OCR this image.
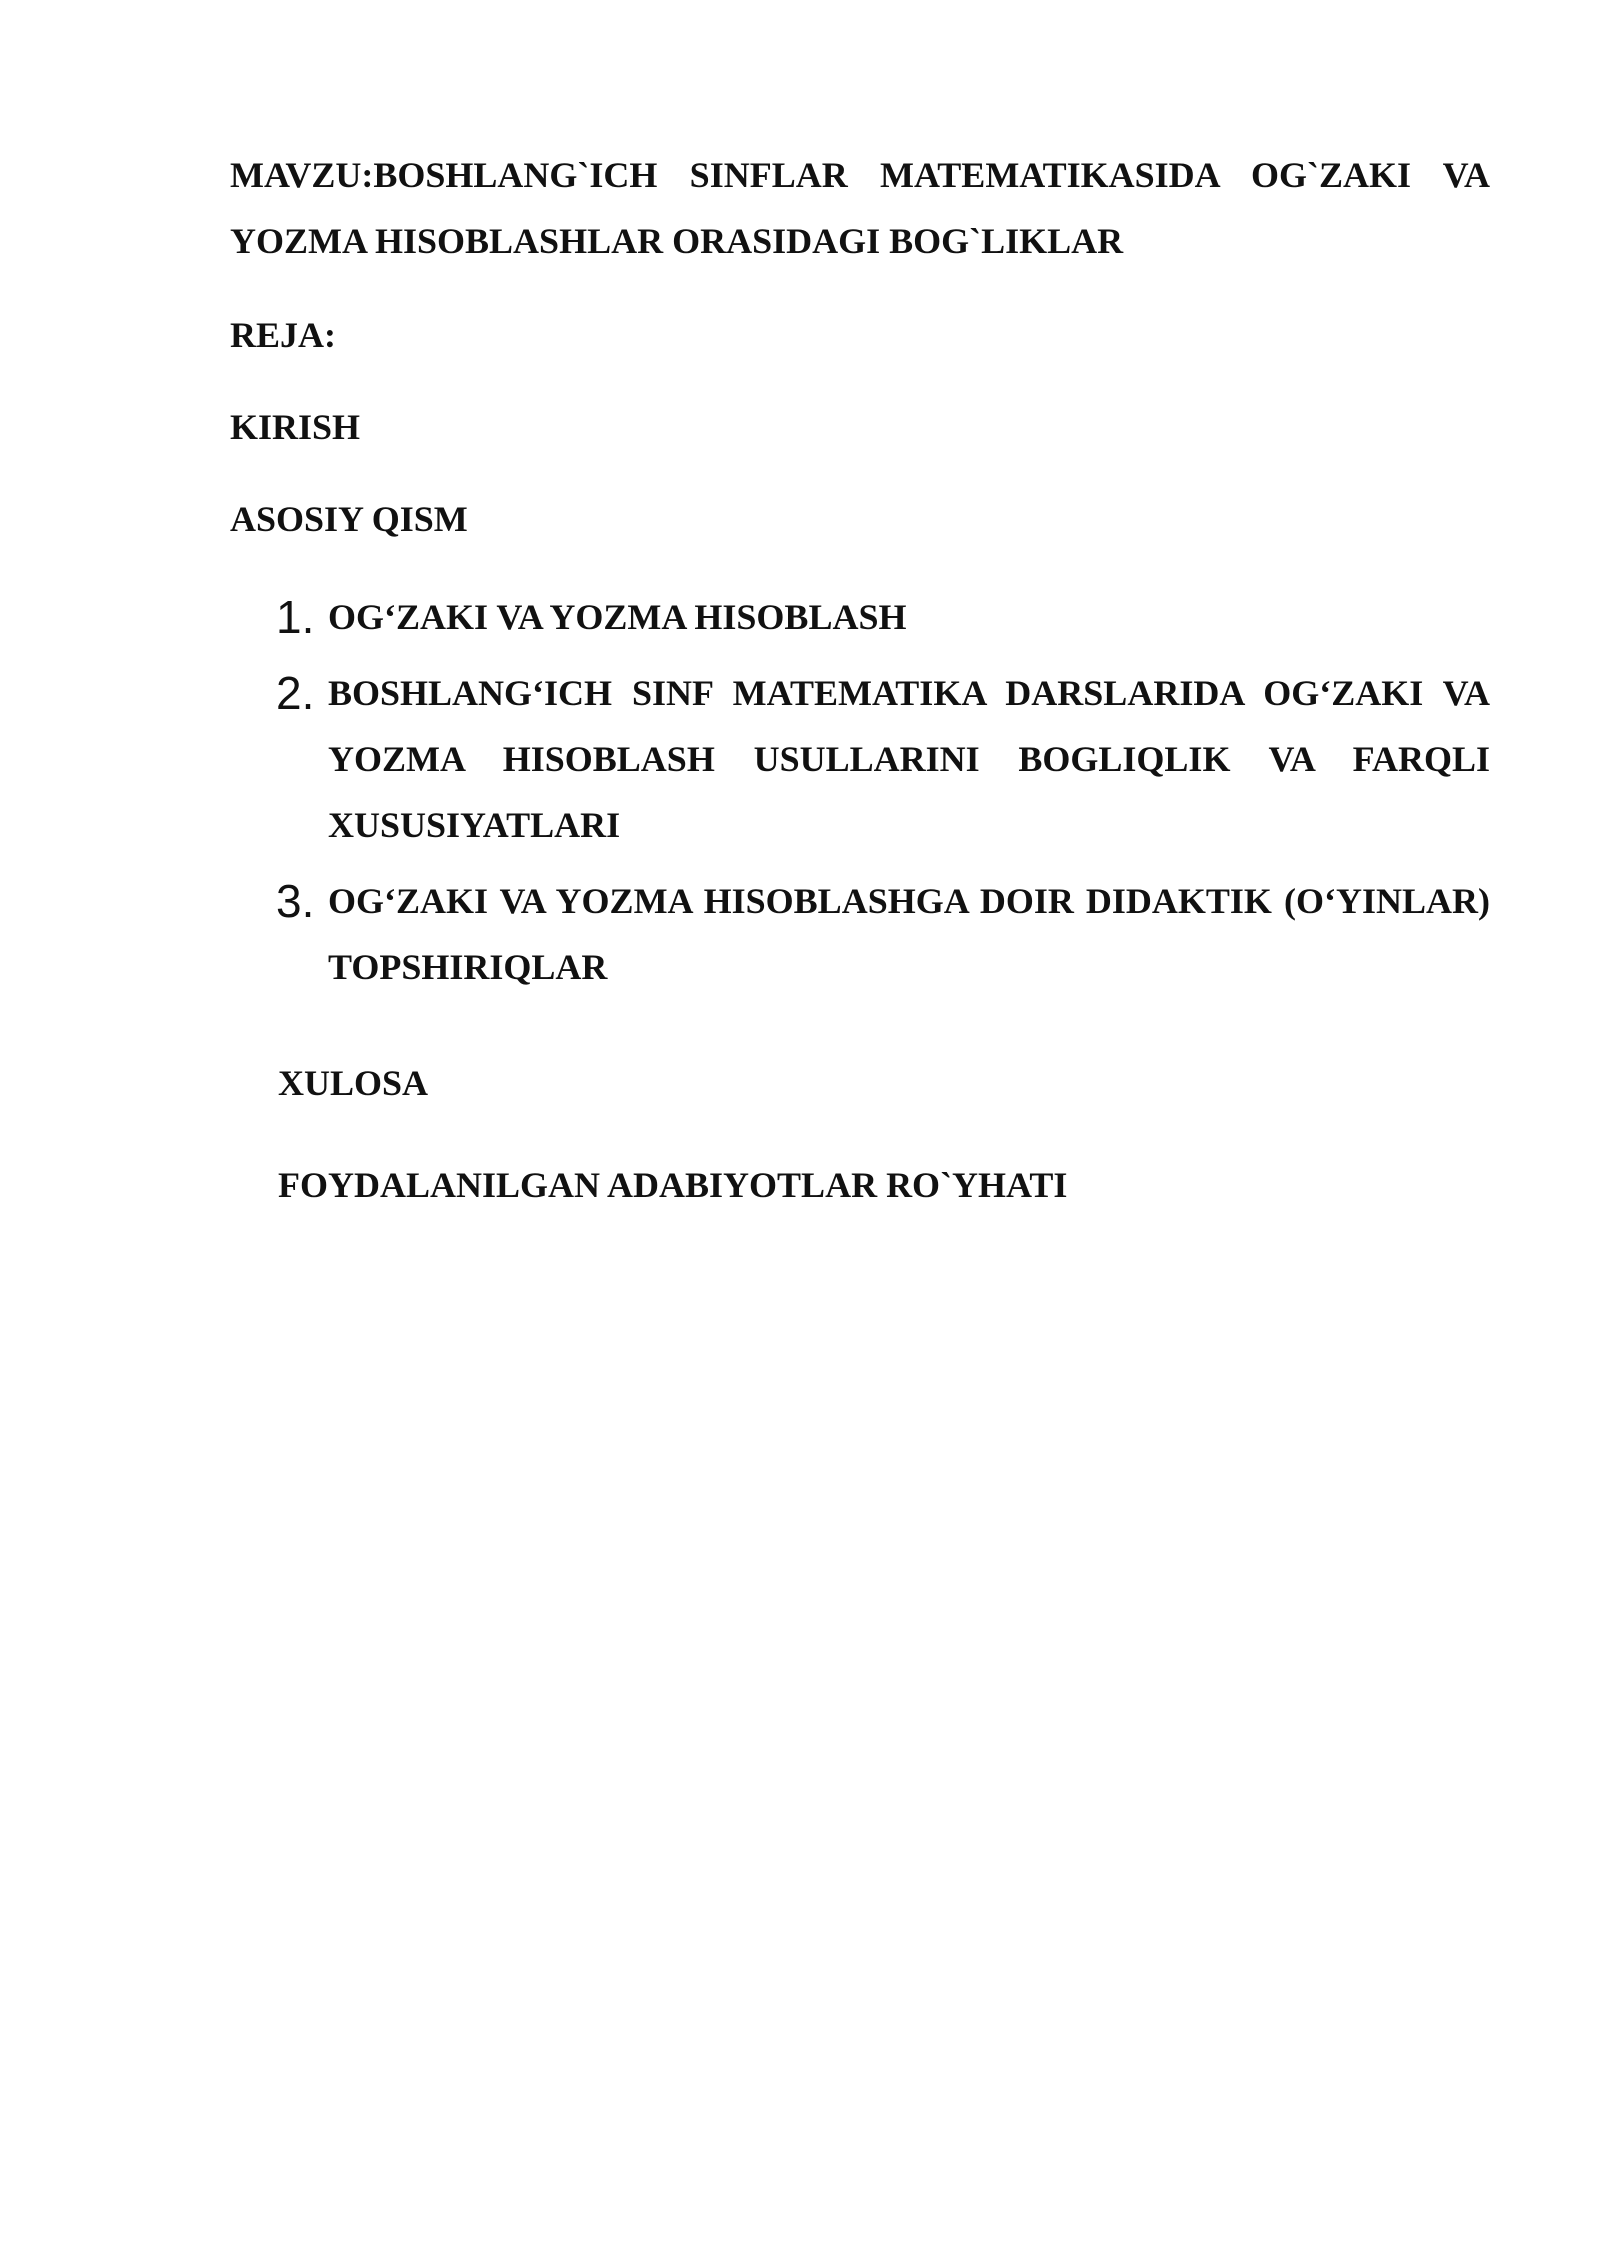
MAVZU:BOSHLANG`ICH SINFLAR MATEMATIKASIDA OG`ZAKI VA YOZMA HISOBLASHLAR ORASIDAGI BOG`LIKLAR

REJA:

KIRISH

ASOSIY QISM

1. OG‘ZAKI VA YOZMA HISOBLASH
2. BOSHLANG‘ICH SINF MATEMATIKA DARSLARIDA OG‘ZAKI VA YOZMA HISOBLASH USULLARINI BOGLIQLIK VA FARQLI XUSUSIYATLARI
3. OG‘ZAKI VA YOZMA HISOBLASHGA DOIR DIDAKTIK (O‘YINLAR) TOPSHIRIQLAR

XULOSA

FOYDALANILGAN ADABIYOTLAR RO`YHATI
